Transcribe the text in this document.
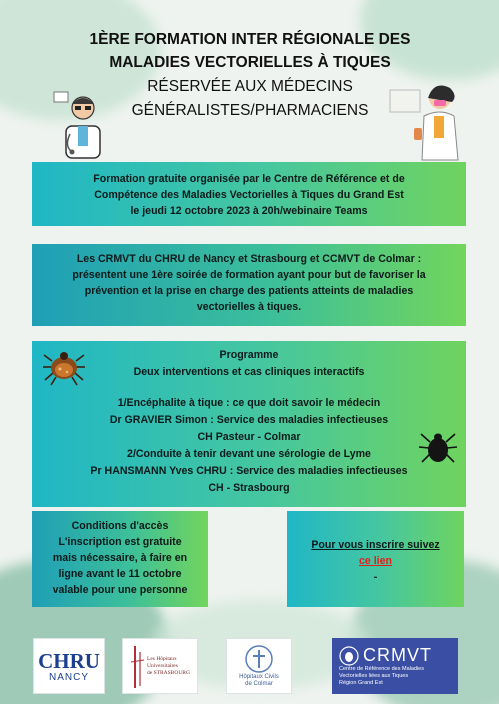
1ÈRE FORMATION INTER RÉGIONALE DES

MALADIES VECTORIELLES À TIQUES

RÉSERVÉE AUX MÉDECINS

GÉNÉRALISTES/PHARMACIENS

Formation gratuite organisée par le Centre de Référence et de

Compétence des Maladies Vectorielles à Tiques du Grand Est

le jeudi 12 octobre 2023 à 20h/webinaire Teams

Les CRMVT du CHRU de Nancy et Strasbourg et CCMVT de Colmar :

présentent une 1ère soirée de formation ayant pour but de favoriser la

prévention et la prise en charge des patients atteints de maladies

vectorielles à tiques.

Programme

Deux interventions et cas cliniques interactifs

1/Encéphalite à tique : ce que doit savoir le médecin

Dr GRAVIER Simon : Service des maladies infectieuses

CH Pasteur - Colmar

2/Conduite à tenir devant une sérologie de Lyme

Pr HANSMANN Yves CHRU : Service des maladies infectieuses

CH - Strasbourg

Conditions d'accès

L'inscription est gratuite

mais nécessaire, à faire en

ligne avant le 11 octobre

valable pour une personne

Pour vous inscrire suivez

ce lien

-

CHRU
NANCY
Les Hôpitaux
Universitaires
de STRASBOURG
Hôpitaux Civils
de Colmar
CRMVT
Centre de Référence des Maladies
Vectorielles liées aux Tiques
Région Grand Est
